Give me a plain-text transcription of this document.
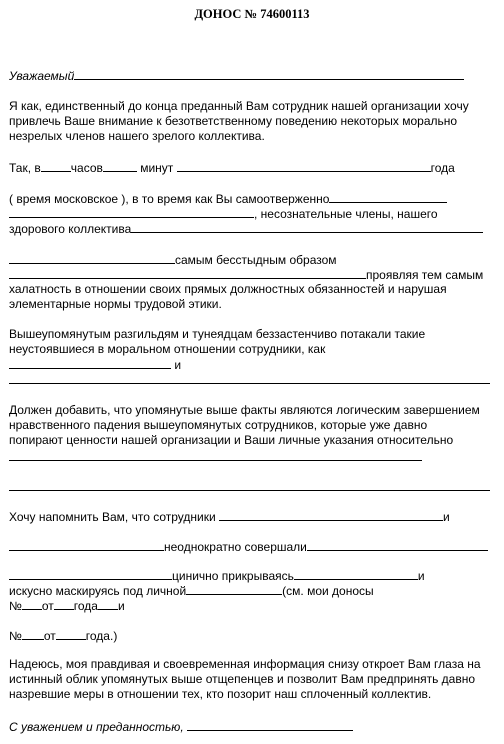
ДОНОС № 74600113
Уважаемый
Я как, единственный до конца преданный Вам сотрудник нашей организации хочу
привлечь Ваше внимание к безответственному поведению некоторых морально
незрелых членов нашего зрелого коллектива.
Так, в	часов	минут	года
( время московское ), в то время как Вы самоотверженно
, несознательные члены, нашего
здорового коллектива
самым бесстыдным образом
проявляя тем самым
халатность в отношении своих прямых должностных обязанностей и нарушая
элементарные нормы трудовой этики.
Вышеупомянутым разгильдям и тунеядцам беззастенчиво потакали такие
неустоявшиеся в моральном отношении сотрудники, как
и
Должен добавить, что упомянутые выше факты являются логическим завершением
нравственного падения вышеупомянутых сотрудников, которые уже давно
попирают ценности нашей организации и Ваши личные указания относительно
Хочу напомнить Вам, что сотрудники	и
неоднократно совершали
цинично прикрываясь	и
искусно маскируясь под личной	(см. мои доносы
№ от года и
№ от	года.)
Надеюсь, моя правдивая и своевременная информация снизу откроет Вам глаза на
истинный облик упомянутых выше отщепенцев и позволит Вам предпринять давно
назревшие меры в отношении тех, кто позорит наш сплоченный коллектив.
С уважением и преданностью,
